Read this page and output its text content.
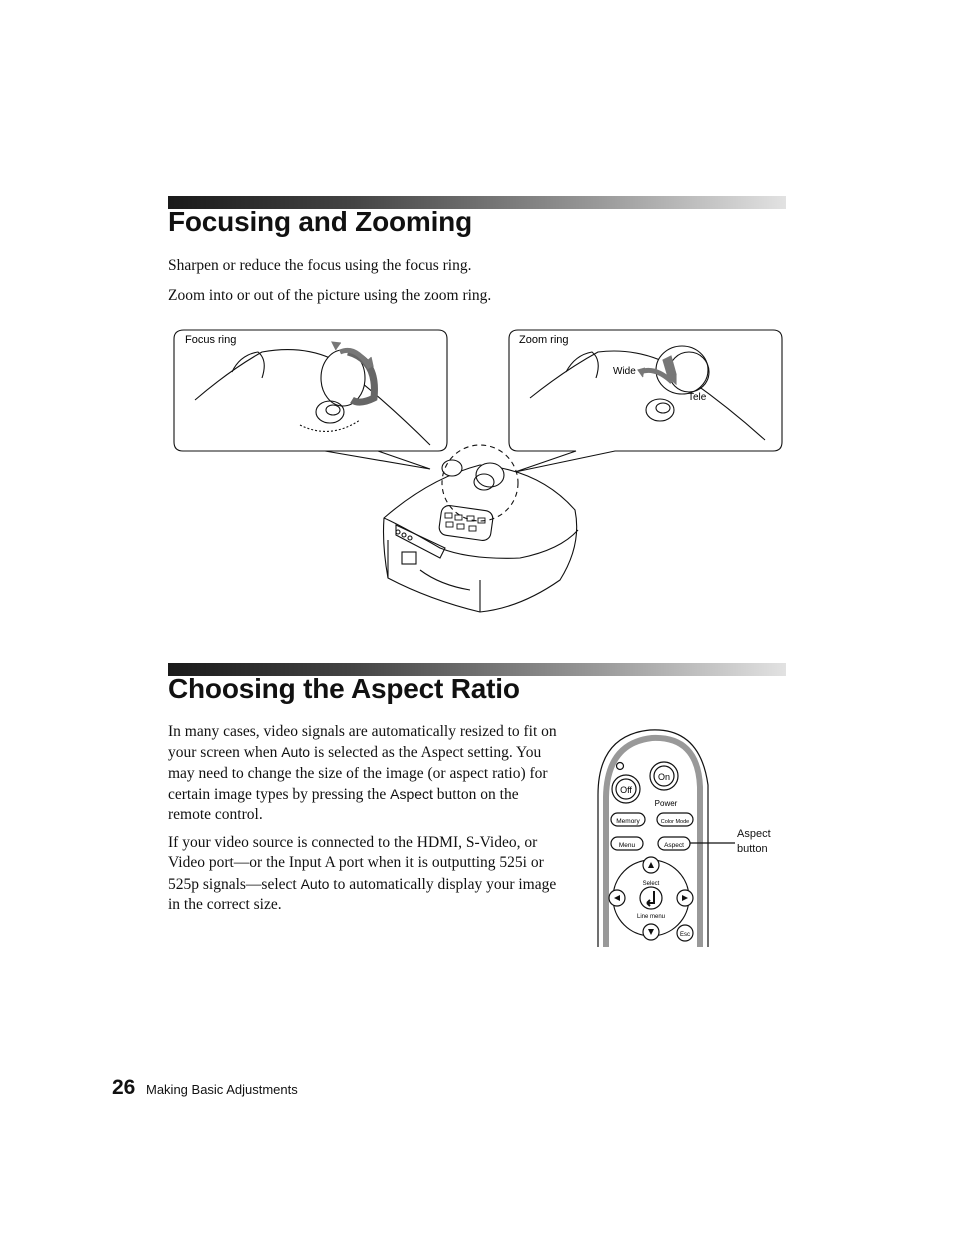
Focusing and Zooming

Sharpen or reduce the focus using the focus ring.

Zoom into or out of the picture using the zoom ring.

Focus ring	Zoom ring
Wide
Tele
Choosing the Aspect Ratio

In many cases, video signals are automatically resized to fit on your screen when Auto is selected as the Aspect setting. You may need to change the size of the image (or aspect ratio) for certain image types by pressing the Aspect button on the remote control.

If your video source is connected to the HDMI, S-Video, or Video port—or the Input A port when it is outputting 525i or 525p signals—select Auto to automatically display your image in the correct size.

Off
On
Power
Memory	Color Mode
Menu	Aspect
Select
Line menu
Esc
Aspect
button
26 Making Basic Adjustments
